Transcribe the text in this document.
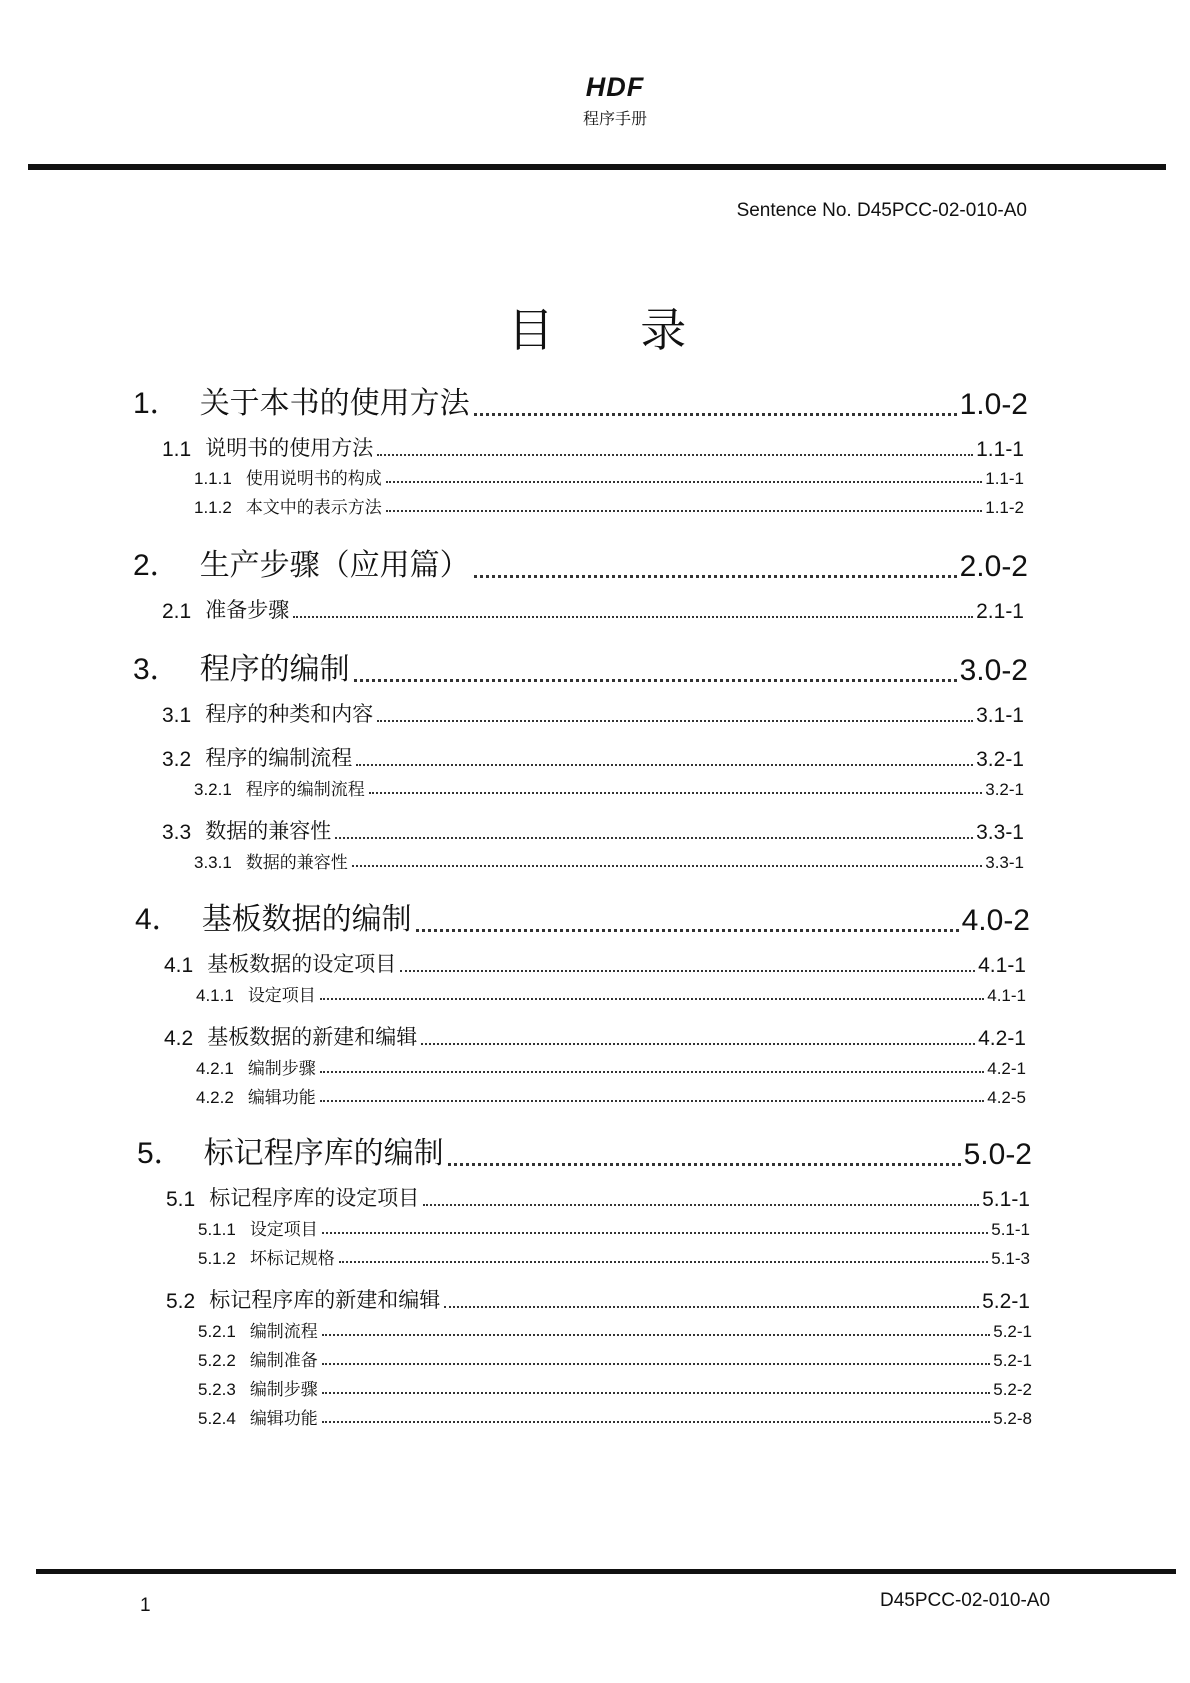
HDF
程序手册
Sentence No. D45PCC-02-010-A0
目 录
1． 关于本书的使用方法	1.0-2
1.1 说明书的使用方法	1.1-1
1.1.1 使用说明书的构成	1.1-1
1.1.2 本文中的表示方法	1.1-2
2． 生产步骤（应用篇）	2.0-2
2.1 准备步骤	2.1-1
3． 程序的编制	3.0-2
3.1 程序的种类和内容	3.1-1
3.2 程序的编制流程	3.2-1
3.2.1 程序的编制流程	3.2-1
3.3 数据的兼容性	3.3-1
3.3.1 数据的兼容性	3.3-1
4． 基板数据的编制	4.0-2
4.1 基板数据的设定项目	4.1-1
4.1.1 设定项目	4.1-1
4.2 基板数据的新建和编辑	4.2-1
4.2.1 编制步骤	4.2-1
4.2.2 编辑功能	4.2-5
5． 标记程序库的编制	5.0-2
5.1 标记程序库的设定项目	5.1-1
5.1.1 设定项目	5.1-1
5.1.2 坏标记规格	5.1-3
5.2 标记程序库的新建和编辑	5.2-1
5.2.1 编制流程	5.2-1
5.2.2 编制准备	5.2-1
5.2.3 编制步骤	5.2-2
5.2.4 编辑功能	5.2-8
1	D45PCC-02-010-A0
